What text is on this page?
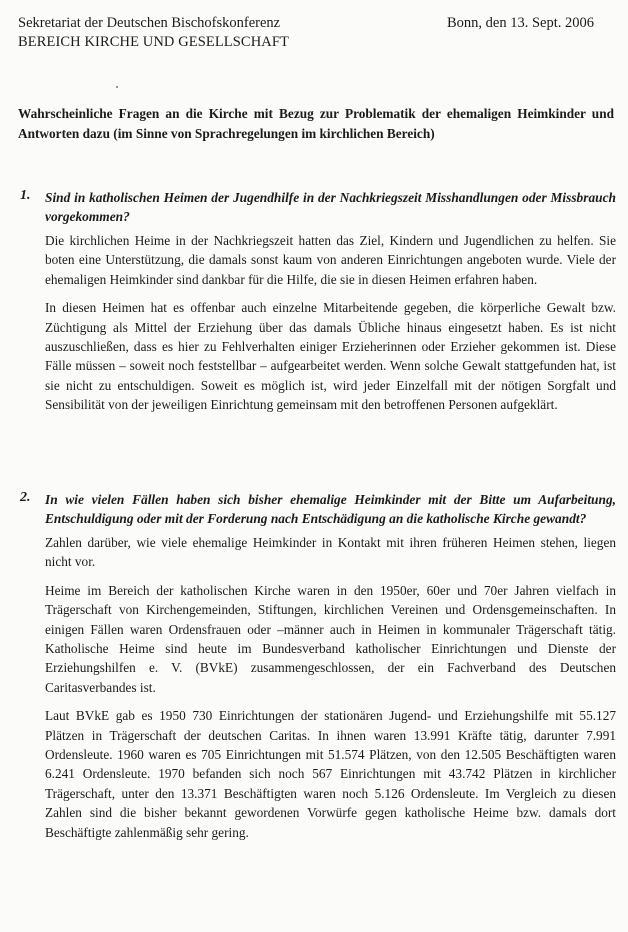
Sekretariat der Deutschen Bischofskonferenz
BEREICH KIRCHE UND GESELLSCHAFT
Bonn, den 13. Sept. 2006
Wahrscheinliche Fragen an die Kirche mit Bezug zur Problematik der ehemaligen Heimkinder und Antworten dazu (im Sinne von Sprachregelungen im kirchlichen Bereich)
1. Sind in katholischen Heimen der Jugendhilfe in der Nachkriegszeit Misshandlungen oder Missbrauch vorgekommen?

Die kirchlichen Heime in der Nachkriegszeit hatten das Ziel, Kindern und Jugendlichen zu helfen. Sie boten eine Unterstützung, die damals sonst kaum von anderen Einrichtungen angeboten wurde. Viele der ehemaligen Heimkinder sind dankbar für die Hilfe, die sie in diesen Heimen erfahren haben.

In diesen Heimen hat es offenbar auch einzelne Mitarbeitende gegeben, die körperliche Gewalt bzw. Züchtigung als Mittel der Erziehung über das damals Übliche hinaus eingesetzt haben. Es ist nicht auszuschließen, dass es hier zu Fehlverhalten einiger Erzieherinnen oder Erzieher gekommen ist. Diese Fälle müssen – soweit noch feststellbar – aufgearbeitet werden. Wenn solche Gewalt stattgefunden hat, ist sie nicht zu entschuldigen. Soweit es möglich ist, wird jeder Einzelfall mit der nötigen Sorgfalt und Sensibilität von der jeweiligen Einrichtung gemeinsam mit den betroffenen Personen aufgeklärt.

2. In wie vielen Fällen haben sich bisher ehemalige Heimkinder mit der Bitte um Aufarbeitung, Entschuldigung oder mit der Forderung nach Entschädigung an die katholische Kirche gewandt?

Zahlen darüber, wie viele ehemalige Heimkinder in Kontakt mit ihren früheren Heimen stehen, liegen nicht vor.

Heime im Bereich der katholischen Kirche waren in den 1950er, 60er und 70er Jahren vielfach in Trägerschaft von Kirchengemeinden, Stiftungen, kirchlichen Vereinen und Ordensgemeinschaften. In einigen Fällen waren Ordensfrauen oder –männer auch in Heimen in kommunaler Trägerschaft tätig. Katholische Heime sind heute im Bundesverband katholischer Einrichtungen und Dienste der Erziehungshilfen e. V. (BVkE) zusammengeschlossen, der ein Fachverband des Deutschen Caritasverbandes ist.

Laut BVkE gab es 1950 730 Einrichtungen der stationären Jugend- und Erziehungshilfe mit 55.127 Plätzen in Trägerschaft der deutschen Caritas. In ihnen waren 13.991 Kräfte tätig, darunter 7.991 Ordensleute. 1960 waren es 705 Einrichtungen mit 51.574 Plätzen, von den 12.505 Beschäftigten waren 6.241 Ordensleute. 1970 befanden sich noch 567 Einrichtungen mit 43.742 Plätzen in kirchlicher Trägerschaft, unter den 13.371 Beschäftigten waren noch 5.126 Ordensleute. Im Vergleich zu diesen Zahlen sind die bisher bekannt gewordenen Vorwürfe gegen katholische Heime bzw. damals dort Beschäftigte zahlenmäßig sehr gering.
